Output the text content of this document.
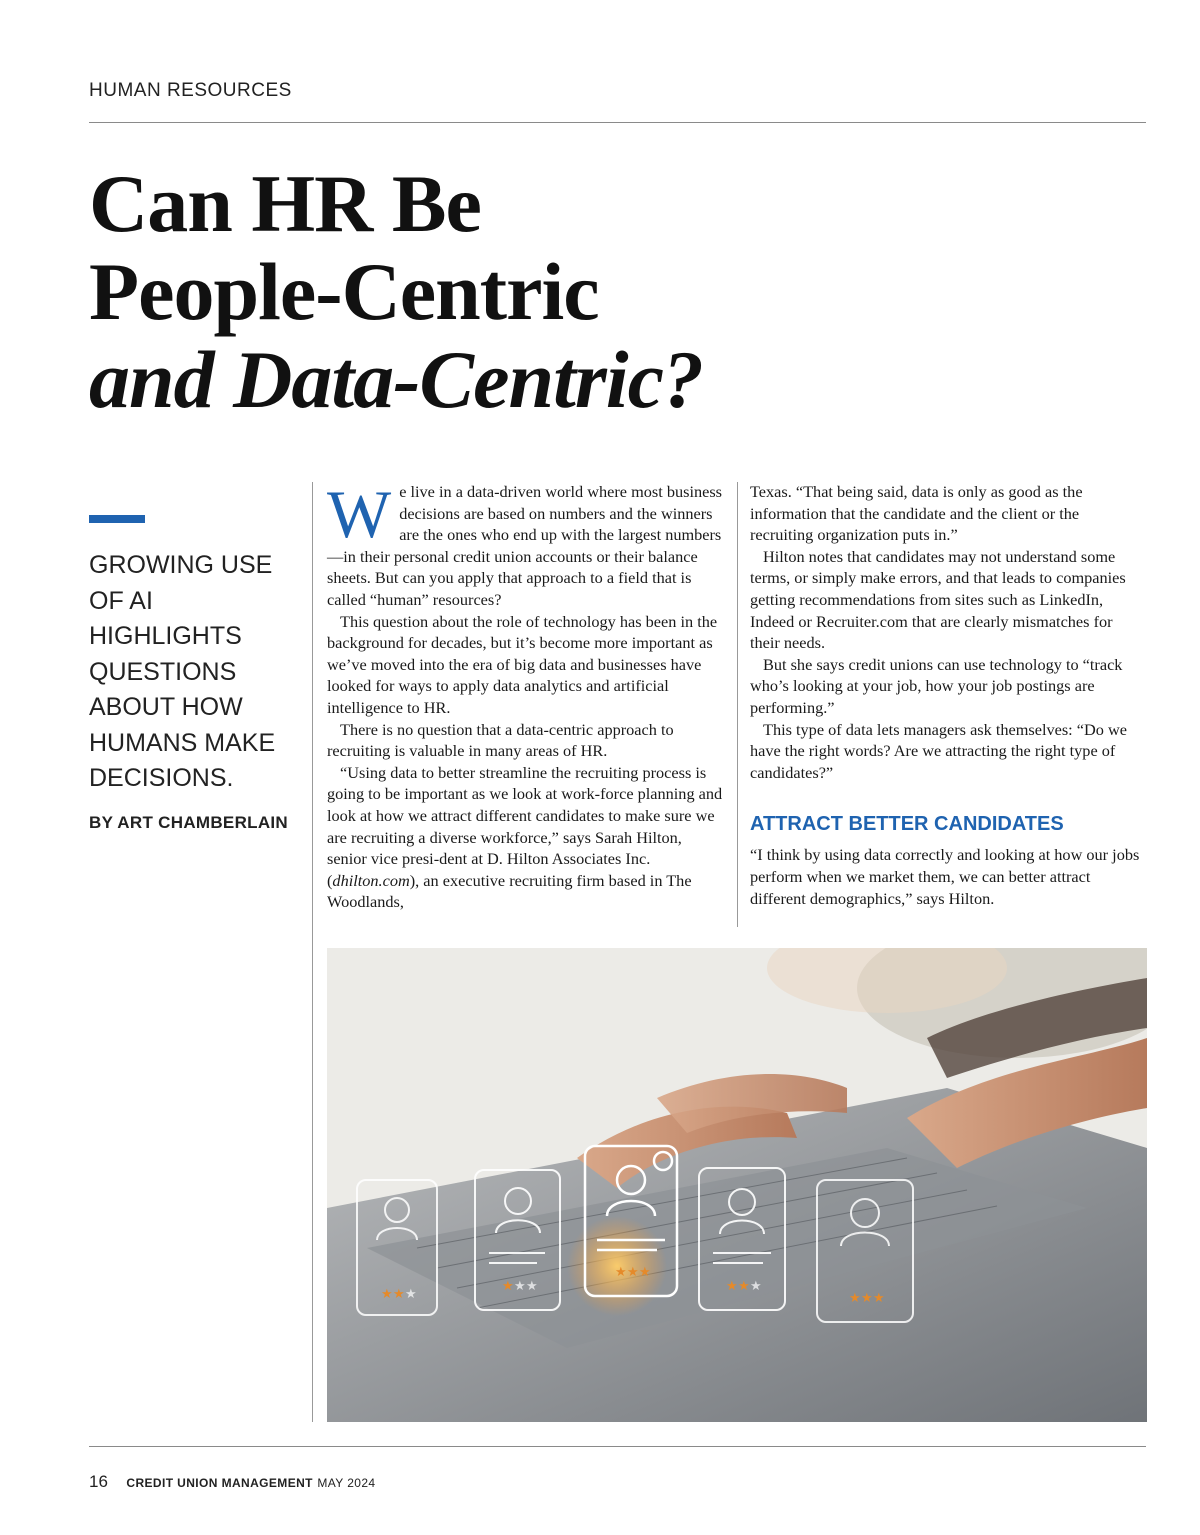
HUMAN RESOURCES
Can HR Be
People-Centric
and Data-Centric?
GROWING USE OF AI HIGHLIGHTS QUESTIONS ABOUT HOW HUMANS MAKE DECISIONS.
BY ART CHAMBERLAIN

We live in a data-driven world where most business decisions are based on numbers and the winners are the ones who end up with the largest numbers—in their personal credit union accounts or their balance sheets. But can you apply that approach to a field that is called “human” resources?

This question about the role of technology has been in the background for decades, but it’s become more important as we’ve moved into the era of big data and businesses have looked for ways to apply data analytics and artificial intelligence to HR.

There is no question that a data-centric approach to recruiting is valuable in many areas of HR.

“Using data to better streamline the recruiting process is going to be important as we look at work-force planning and look at how we attract different candidates to make sure we are recruiting a diverse workforce,” says Sarah Hilton, senior vice presi-dent at D. Hilton Associates Inc. (dhilton.com), an executive recruiting firm based in The Woodlands,

Texas. “That being said, data is only as good as the information that the candidate and the client or the recruiting organization puts in.”

Hilton notes that candidates may not understand some terms, or simply make errors, and that leads to companies getting recommendations from sites such as LinkedIn, Indeed or Recruiter.com that are clearly mismatches for their needs.

But she says credit unions can use technology to “track who’s looking at your job, how your job postings are performing.”

This type of data lets managers ask themselves: “Do we have the right words? Are we attracting the right type of candidates?”

ATTRACT BETTER CANDIDATES

“I think by using data correctly and looking at how our jobs perform when we market them, we can better attract different demographics,” says Hilton.

★ ★ ★
★ ★ ★
★ ★ ★
★ ★ ★
★ ★ ★
16 CREDIT UNION MANAGEMENT MAY 2024
